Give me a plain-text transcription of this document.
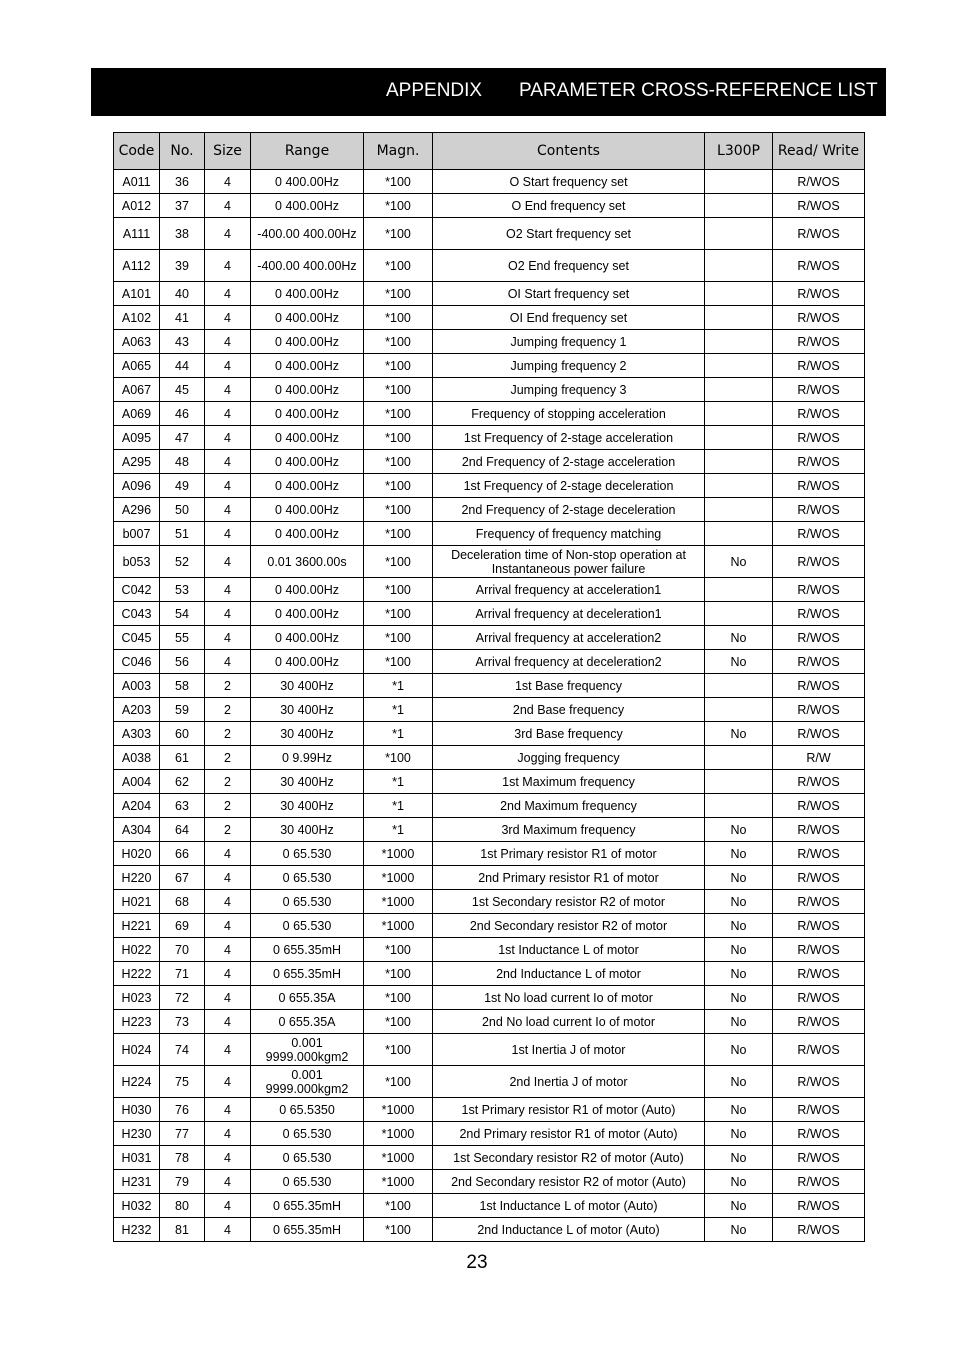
APPENDIX PARAMETER CROSS-REFERENCE LIST
Code	No.	Size	Range	Magn.	Contents	L300P	Read/ Write
A011	36	4	0 400.00Hz	*100	O Start frequency set		R/WOS
A012	37	4	0 400.00Hz	*100	O End frequency set		R/WOS
A111	38	4	-400.00 400.00Hz	*100	O2 Start frequency set		R/WOS
A112	39	4	-400.00 400.00Hz	*100	O2 End frequency set		R/WOS
A101	40	4	0 400.00Hz	*100	OI Start frequency set		R/WOS
A102	41	4	0 400.00Hz	*100	OI End frequency set		R/WOS
A063	43	4	0 400.00Hz	*100	Jumping frequency 1		R/WOS
A065	44	4	0 400.00Hz	*100	Jumping frequency 2		R/WOS
A067	45	4	0 400.00Hz	*100	Jumping frequency 3		R/WOS
A069	46	4	0 400.00Hz	*100	Frequency of stopping acceleration		R/WOS
A095	47	4	0 400.00Hz	*100	1st Frequency of 2-stage acceleration		R/WOS
A295	48	4	0 400.00Hz	*100	2nd Frequency of 2-stage acceleration		R/WOS
A096	49	4	0 400.00Hz	*100	1st Frequency of 2-stage deceleration		R/WOS
A296	50	4	0 400.00Hz	*100	2nd Frequency of 2-stage deceleration		R/WOS
b007	51	4	0 400.00Hz	*100	Frequency of frequency matching		R/WOS
b053	52	4	0.01 3600.00s	*100	Deceleration time of Non-stop operation at Instantaneous power failure	No	R/WOS
C042	53	4	0 400.00Hz	*100	Arrival frequency at acceleration1		R/WOS
C043	54	4	0 400.00Hz	*100	Arrival frequency at deceleration1		R/WOS
C045	55	4	0 400.00Hz	*100	Arrival frequency at acceleration2	No	R/WOS
C046	56	4	0 400.00Hz	*100	Arrival frequency at deceleration2	No	R/WOS
A003	58	2	30 400Hz	*1	1st Base frequency		R/WOS
A203	59	2	30 400Hz	*1	2nd Base frequency		R/WOS
A303	60	2	30 400Hz	*1	3rd Base frequency	No	R/WOS
A038	61	2	0 9.99Hz	*100	Jogging frequency		R/W
A004	62	2	30 400Hz	*1	1st Maximum frequency		R/WOS
A204	63	2	30 400Hz	*1	2nd Maximum frequency		R/WOS
A304	64	2	30 400Hz	*1	3rd Maximum frequency	No	R/WOS
H020	66	4	0 65.530	*1000	1st Primary resistor R1 of motor	No	R/WOS
H220	67	4	0 65.530	*1000	2nd Primary resistor R1 of motor	No	R/WOS
H021	68	4	0 65.530	*1000	1st Secondary resistor R2 of motor	No	R/WOS
H221	69	4	0 65.530	*1000	2nd Secondary resistor R2 of motor	No	R/WOS
H022	70	4	0 655.35mH	*100	1st Inductance L of motor	No	R/WOS
H222	71	4	0 655.35mH	*100	2nd Inductance L of motor	No	R/WOS
H023	72	4	0 655.35A	*100	1st No load current Io of motor	No	R/WOS
H223	73	4	0 655.35A	*100	2nd No load current Io of motor	No	R/WOS
H024	74	4	0.001 9999.000kgm2	*100	1st Inertia J of motor	No	R/WOS
H224	75	4	0.001 9999.000kgm2	*100	2nd Inertia J of motor	No	R/WOS
H030	76	4	0 65.5350	*1000	1st Primary resistor R1 of motor (Auto)	No	R/WOS
H230	77	4	0 65.530	*1000	2nd Primary resistor R1 of motor (Auto)	No	R/WOS
H031	78	4	0 65.530	*1000	1st Secondary resistor R2 of motor (Auto)	No	R/WOS
H231	79	4	0 65.530	*1000	2nd Secondary resistor R2 of motor (Auto)	No	R/WOS
H032	80	4	0 655.35mH	*100	1st Inductance L of motor (Auto)	No	R/WOS
H232	81	4	0 655.35mH	*100	2nd Inductance L of motor (Auto)	No	R/WOS
23
